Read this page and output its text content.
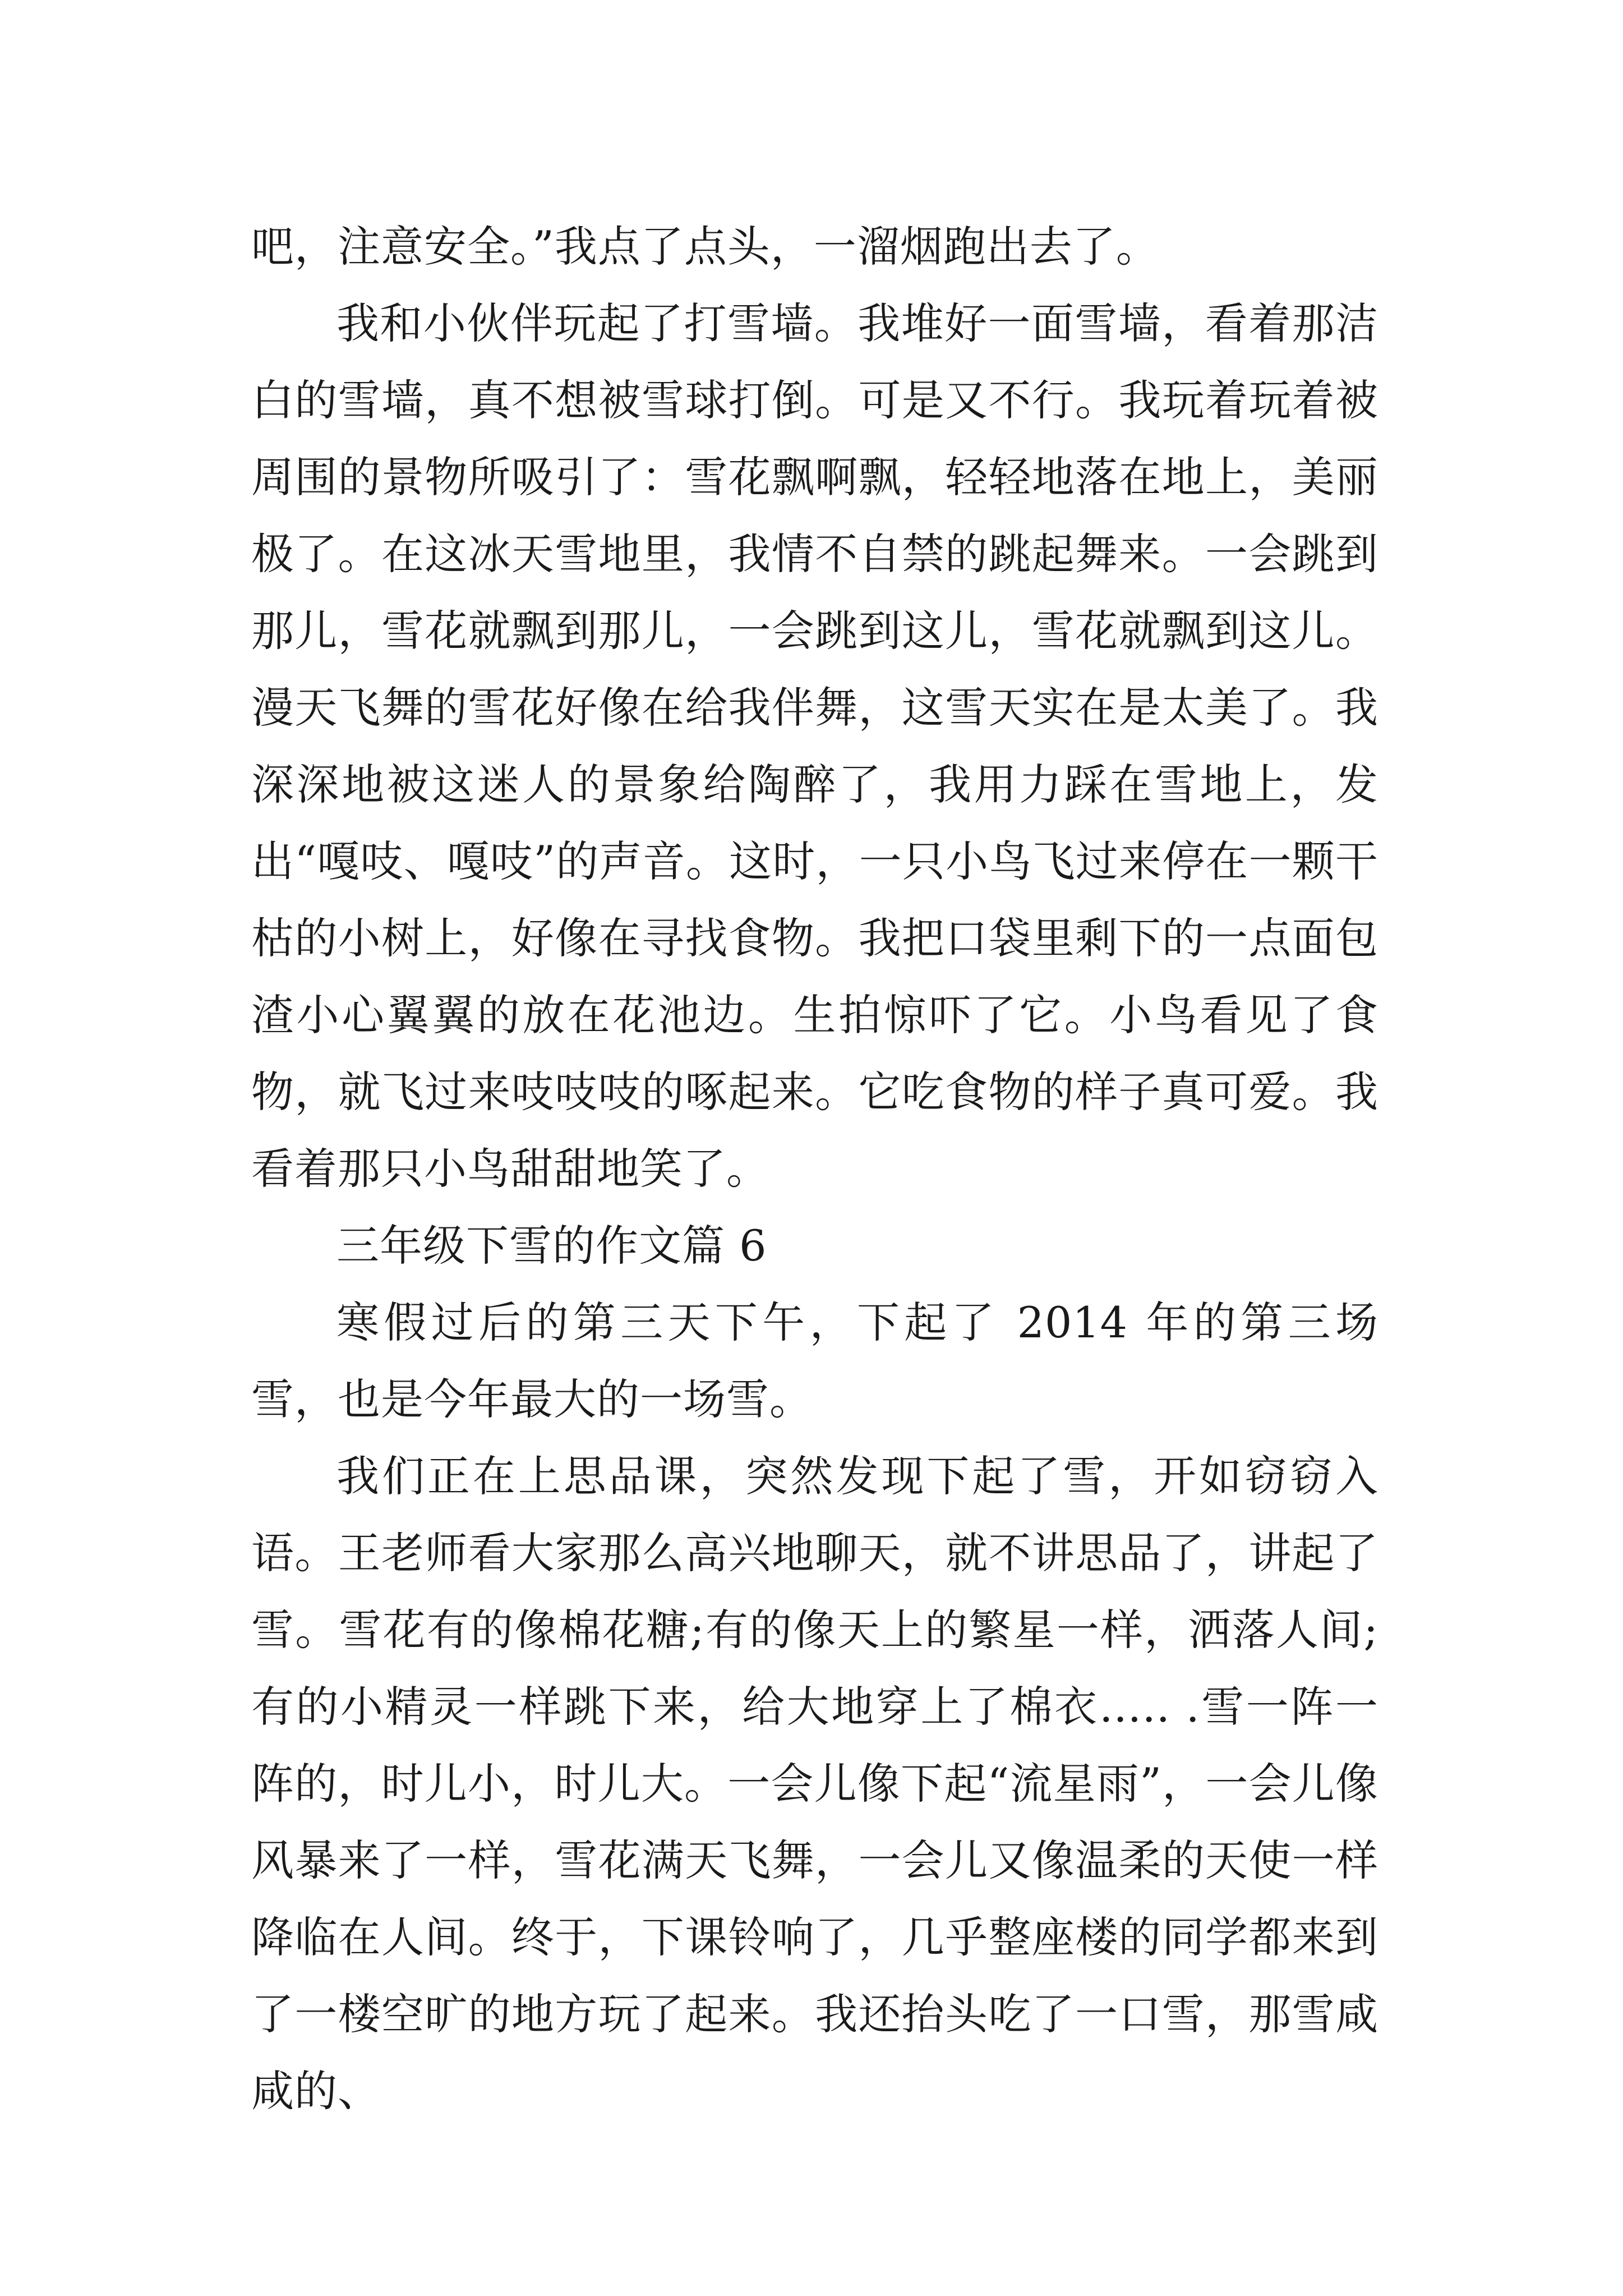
吧，注意安全。”我点了点头，一溜烟跑出去了。

我和小伙伴玩起了打雪墙。我堆好一面雪墙，看着那洁白的雪墙，真不想被雪球打倒。可是又不行。我玩着玩着被周围的景物所吸引了：雪花飘啊飘，轻轻地落在地上，美丽极了。在这冰天雪地里，我情不自禁的跳起舞来。一会跳到那儿，雪花就飘到那儿，一会跳到这儿，雪花就飘到这儿。漫天飞舞的雪花好像在给我伴舞，这雪天实在是太美了。我深深地被这迷人的景象给陶醉了，我用力踩在雪地上，发出“嘎吱、嘎吱”的声音。这时，一只小鸟飞过来停在一颗干枯的小树上，好像在寻找食物。我把口袋里剩下的一点面包渣小心翼翼的放在花池边。生拍惊吓了它。小鸟看见了食物，就飞过来吱吱吱的啄起来。它吃食物的样子真可爱。我看着那只小鸟甜甜地笑了。

三年级下雪的作文篇 6

寒假过后的第三天下午，下起了 2014 年的第三场雪，也是今年最大的一场雪。

我们正在上思品课，突然发现下起了雪，开如窃窃入语。王老师看大家那么高兴地聊天，就不讲思品了，讲起了雪。雪花有的像棉花糖;有的像天上的繁星一样，洒落人间;有的小精灵一样跳下来，给大地穿上了棉衣….. .雪一阵一阵的，时儿小，时儿大。一会儿像下起“流星雨”，一会儿像风暴来了一样，雪花满天飞舞，一会儿又像温柔的天使一样降临在人间。终于，下课铃响了，几乎整座楼的同学都来到了一楼空旷的地方玩了起来。我还抬头吃了一口雪，那雪咸咸的、
